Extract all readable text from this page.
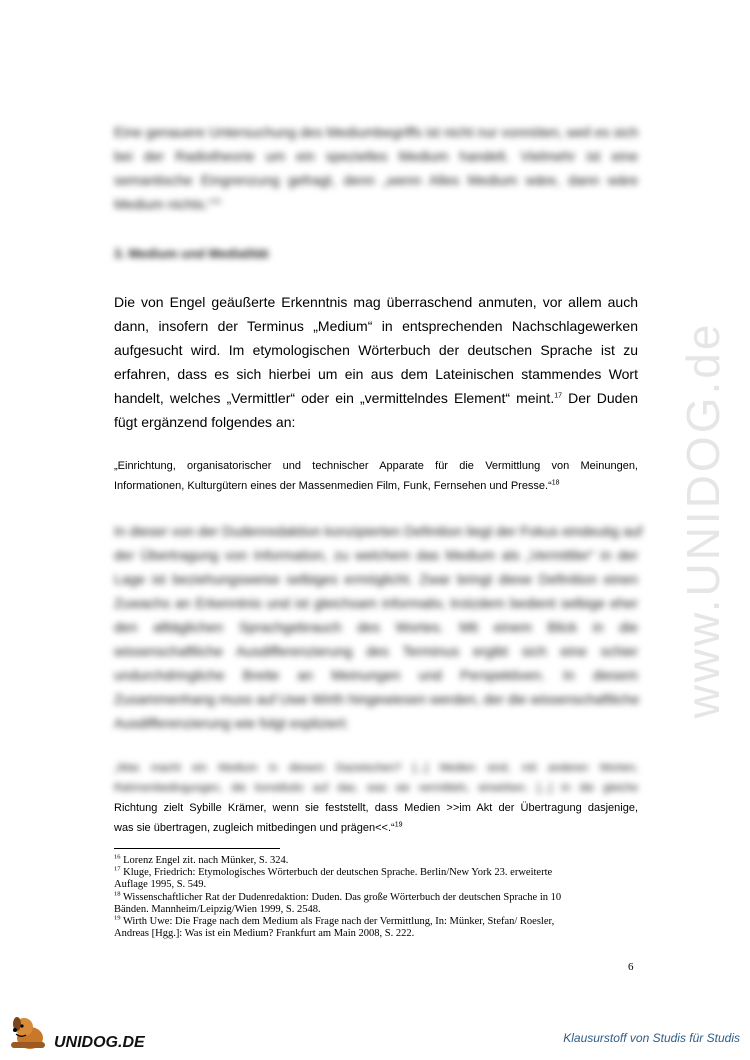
Eine genauere Untersuchung des Mediumbegriffs ist nicht nur vonnöten, weil es sich
bei der Radiotheorie um ein spezielles Medium handelt. Vielmehr ist eine
semantische Eingrenzung gefragt, denn „wenn Alles Medium wäre, dann wäre
Medium nichts.“$^{16}$
3. Medium und Medialität
Die von Engel geäußerte Erkenntnis mag überraschend anmuten, vor allem auch
dann, insofern der Terminus „Medium“ in entsprechenden Nachschlagewerken
aufgesucht wird. Im etymologischen Wörterbuch der deutschen Sprache ist zu
erfahren, dass es sich hierbei um ein aus dem Lateinischen stammendes Wort
handelt, welches „Vermittler“ oder ein „vermittelndes Element“ meint.$^{17}$ Der Duden
fügt ergänzend folgendes an:
„Einrichtung, organisatorischer und technischer Apparate für die Vermittlung von Meinungen,
Informationen, Kulturgütern eines der Massenmedien Film, Funk, Fernsehen und Presse.“$^{18}$
In dieser von der Dudenredaktion konzipierten Definition liegt der Fokus eindeutig auf
der Übertragung von Information, zu welchem das Medium als „Vermittler“ in der
Lage ist beziehungsweise selbiges ermöglicht. Zwar bringt diese Definition einen
Zuwachs an Erkenntnis und ist gleichsam informativ, trotzdem bedient selbige eher
den alltäglichen Sprachgebrauch des Wortes. Mit einem Blick in die
wissenschaftliche Ausdifferenzierung des Terminus ergibt sich eine schier
undurchdringliche Breite an Meinungen und Perspektiven. In diesem
Zusammenhang muss auf Uwe Wirth hingewiesen werden, der die wissenschaftliche
Ausdifferenzierung wie folgt expliziert:
„Was macht ein Medium in diesem Dazwischen? [...] Medien sind, mit anderen Worten,
Rahmenbedingungen, die konstitutiv auf das, was sie vermitteln, einwirken. [...] In die gleiche
Richtung zielt Sybille Krämer, wenn sie feststellt, dass Medien >>im Akt der Übertragung dasjenige,
was sie übertragen, zugleich mitbedingen und prägen<<.“$^{19}$
$^{16}$ Lorenz Engel zit. nach Münker, S. 324.
$^{17}$ Kluge, Friedrich: Etymologisches Wörterbuch der deutschen Sprache. Berlin/New York 23. erweiterte
Auflage 1995, S. 549.
$^{18}$ Wissenschaftlicher Rat der Dudenredaktion: Duden. Das große Wörterbuch der deutschen Sprache in 10
Bänden. Mannheim/Leipzig/Wien 1999, S. 2548.
$^{19}$ Wirth Uwe: Die Frage nach dem Medium als Frage nach der Vermittlung, In: Münker, Stefan/ Roesler,
Andreas [Hgg.]: Was ist ein Medium? Frankfurt am Main 2008, S. 222.
6
www.UNIDOG.de
UNIDOG.DE	Klausurstoff von Studis für Studis
